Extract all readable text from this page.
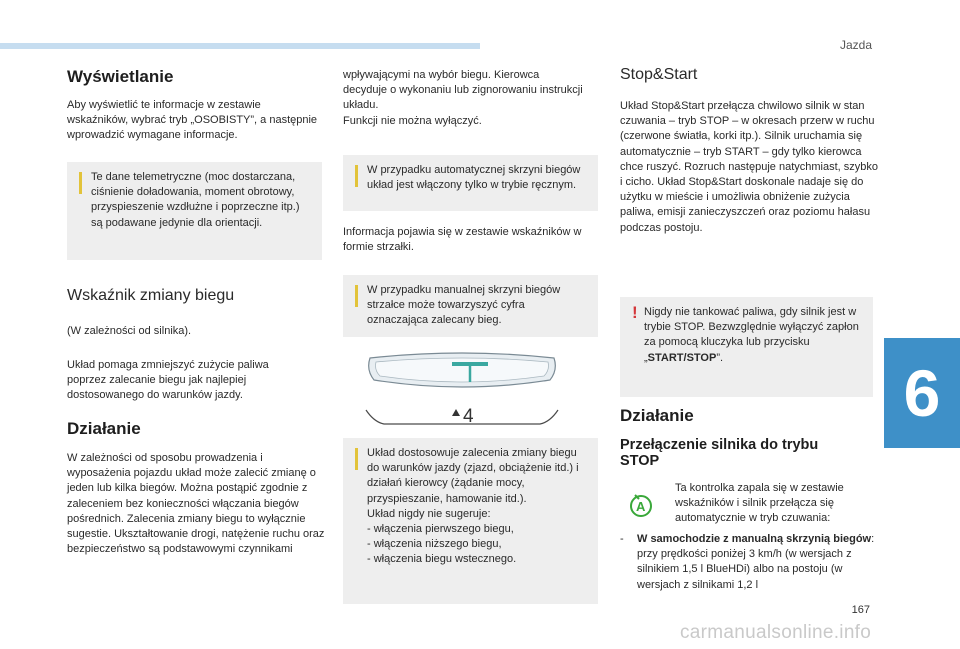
Jazda
6
167
carmanualsonline.info
Wyświetlanie

Aby wyświetlić te informacje w zestawie wskaźników, wybrać tryb „OSOBISTY”, a następnie wprowadzić wymagane informacje.

Te dane telemetryczne (moc dostarczana, ciśnienie doładowania, moment obrotowy, przyspieszenie wzdłużne i poprzeczne itp.) są podawane jedynie dla orientacji.

Wskaźnik zmiany biegu

(W zależności od silnika).

Układ pomaga zmniejszyć zużycie paliwa poprzez zalecanie biegu jak najlepiej dostosowanego do warunków jazdy.

Działanie

W zależności od sposobu prowadzenia i wyposażenia pojazdu układ może zalecić zmianę o jeden lub kilka biegów. Można postąpić zgodnie z zaleceniem bez konieczności włączania biegów pośrednich. Zalecenia zmiany biegu to wyłącznie sugestie. Ukształtowanie drogi, natężenie ruchu oraz bezpieczeństwo są podstawowymi czynnikami

wpływającymi na wybór biegu. Kierowca decyduje o wykonaniu lub zignorowaniu instrukcji układu.

Funkcji nie można wyłączyć.

W przypadku automatycznej skrzyni biegów układ jest włączony tylko w trybie ręcznym.

Informacja pojawia się w zestawie wskaźników w formie strzałki.

W przypadku manualnej skrzyni biegów strzałce może towarzyszyć cyfra oznaczająca zalecany bieg.

4

Układ dostosowuje zalecenia zmiany biegu do warunków jazdy (zjazd, obciążenie itd.) i działań kierowcy (żądanie mocy, przyspieszanie, hamowanie itd.).

Układ nigdy nie sugeruje:

- włączenia pierwszego biegu,

- włączenia niższego biegu,

- włączenia biegu wstecznego.

Stop&Start

Układ Stop&Start przełącza chwilowo silnik w stan czuwania – tryb STOP – w okresach przerw w ruchu (czerwone światła, korki itp.). Silnik uruchamia się automatycznie – tryb START – gdy tylko kierowca chce ruszyć. Rozruch następuje natychmiast, szybko i cicho. Układ Stop&Start doskonale nadaje się do użytku w mieście i umożliwia obniżenie zużycia paliwa, emisji zanieczyszczeń oraz poziomu hałasu podczas postoju.

! Nigdy nie tankować paliwa, gdy silnik jest w trybie STOP. Bezwzględnie wyłączyć zapłon za pomocą kluczyka lub przycisku „START/STOP”.

Działanie
Przełączenie silnika do trybu STOP

Ta kontrolka zapala się w zestawie wskaźników i silnik przełącza się automatycznie w tryb czuwania:

A

- W samochodzie z manualną skrzynią biegów: przy prędkości poniżej 3 km/h (w wersjach z silnikiem 1,5 l BlueHDi) albo na postoju (w wersjach z silnikami 1,2 l
